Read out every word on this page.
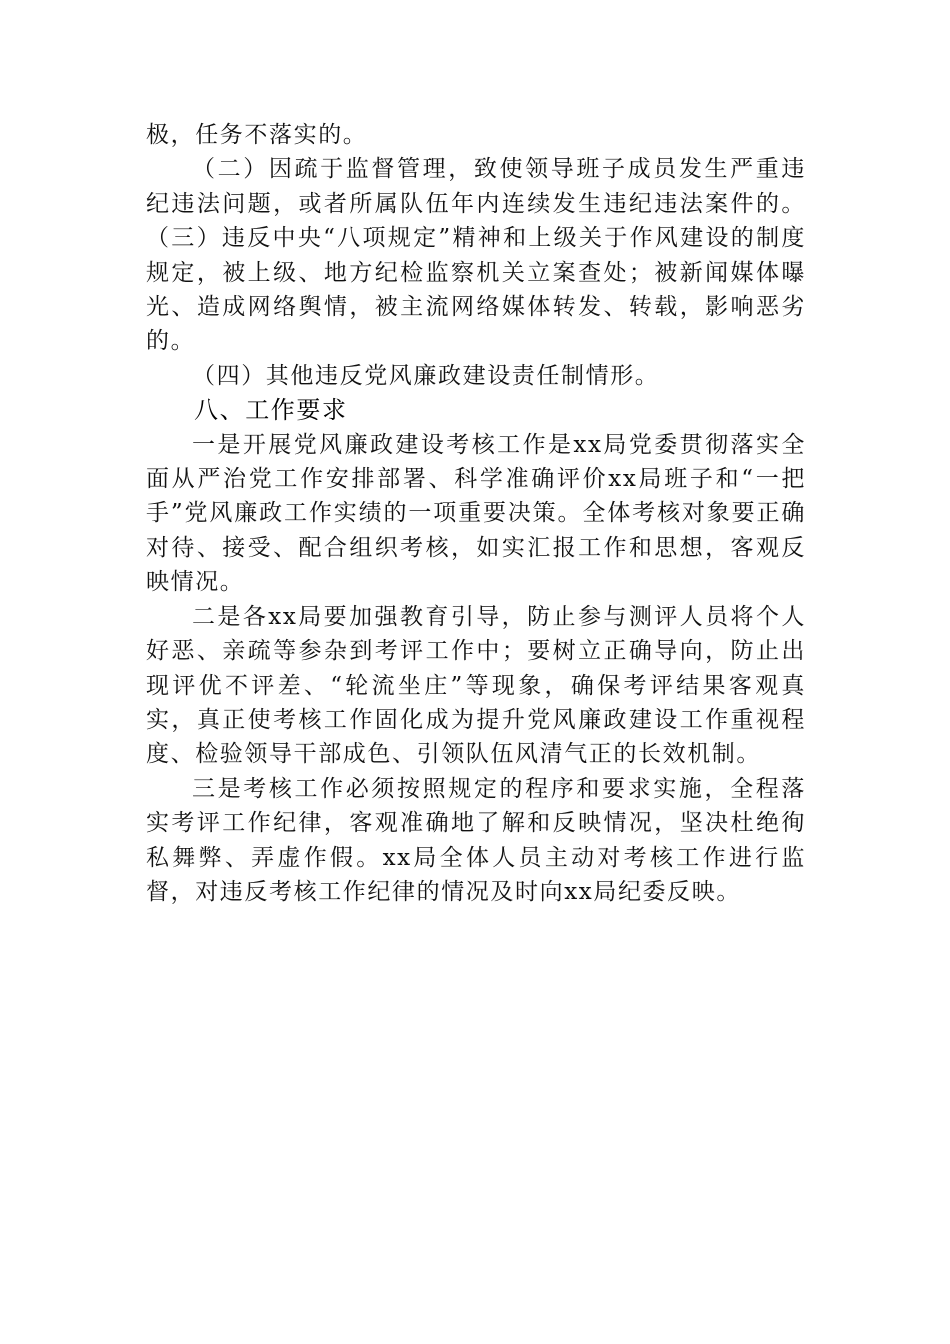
极，任务不落实的。

（二）因疏于监督管理，致使领导班子成员发生严重违纪违法问题，或者所属队伍年内连续发生违纪违法案件的。（三）违反中央“八项规定”精神和上级关于作风建设的制度规定，被上级、地方纪检监察机关立案查处；被新闻媒体曝光、造成网络舆情，被主流网络媒体转发、转载，影响恶劣的。

（四）其他违反党风廉政建设责任制情形。

八、工作要求

一是开展党风廉政建设考核工作是xx局党委贯彻落实全面从严治党工作安排部署、科学准确评价xx局班子和“一把手”党风廉政工作实绩的一项重要决策。全体考核对象要正确对待、接受、配合组织考核，如实汇报工作和思想，客观反映情况。

二是各xx局要加强教育引导，防止参与测评人员将个人好恶、亲疏等参杂到考评工作中；要树立正确导向，防止出现评优不评差、“轮流坐庄”等现象，确保考评结果客观真实，真正使考核工作固化成为提升党风廉政建设工作重视程度、检验领导干部成色、引领队伍风清气正的长效机制。

三是考核工作必须按照规定的程序和要求实施，全程落实考评工作纪律，客观准确地了解和反映情况，坚决杜绝徇私舞弊、弄虚作假。xx局全体人员主动对考核工作进行监督，对违反考核工作纪律的情况及时向xx局纪委反映。
